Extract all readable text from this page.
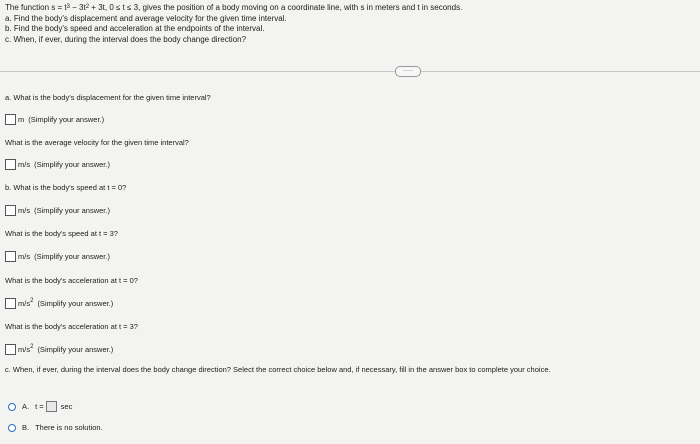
The function $s = t^3 - 3t^2 + 3t$, 0 ≤ t ≤ 3, gives the position of a body moving on a coordinate line, with s in meters and t in seconds.
a. Find the body's displacement and average velocity for the given time interval.
b. Find the body's speed and acceleration at the endpoints of the interval.
c. When, if ever, during the interval does the body change direction?
·····
a. What is the body's displacement for the given time interval?
m (Simplify your answer.)
What is the average velocity for the given time interval?
m/s (Simplify your answer.)
b. What is the body's speed at t = 0?
m/s (Simplify your answer.)
What is the body's speed at t = 3?
m/s (Simplify your answer.)
What is the body's acceleration at t = 0?
$m/s^2$ (Simplify your answer.)
What is the body's acceleration at t = 3?
$m/s^2$ (Simplify your answer.)
c. When, if ever, during the interval does the body change direction? Select the correct choice below and, if necessary, fill in the answer box to complete your choice.
A. t = sec
B. There is no solution.
